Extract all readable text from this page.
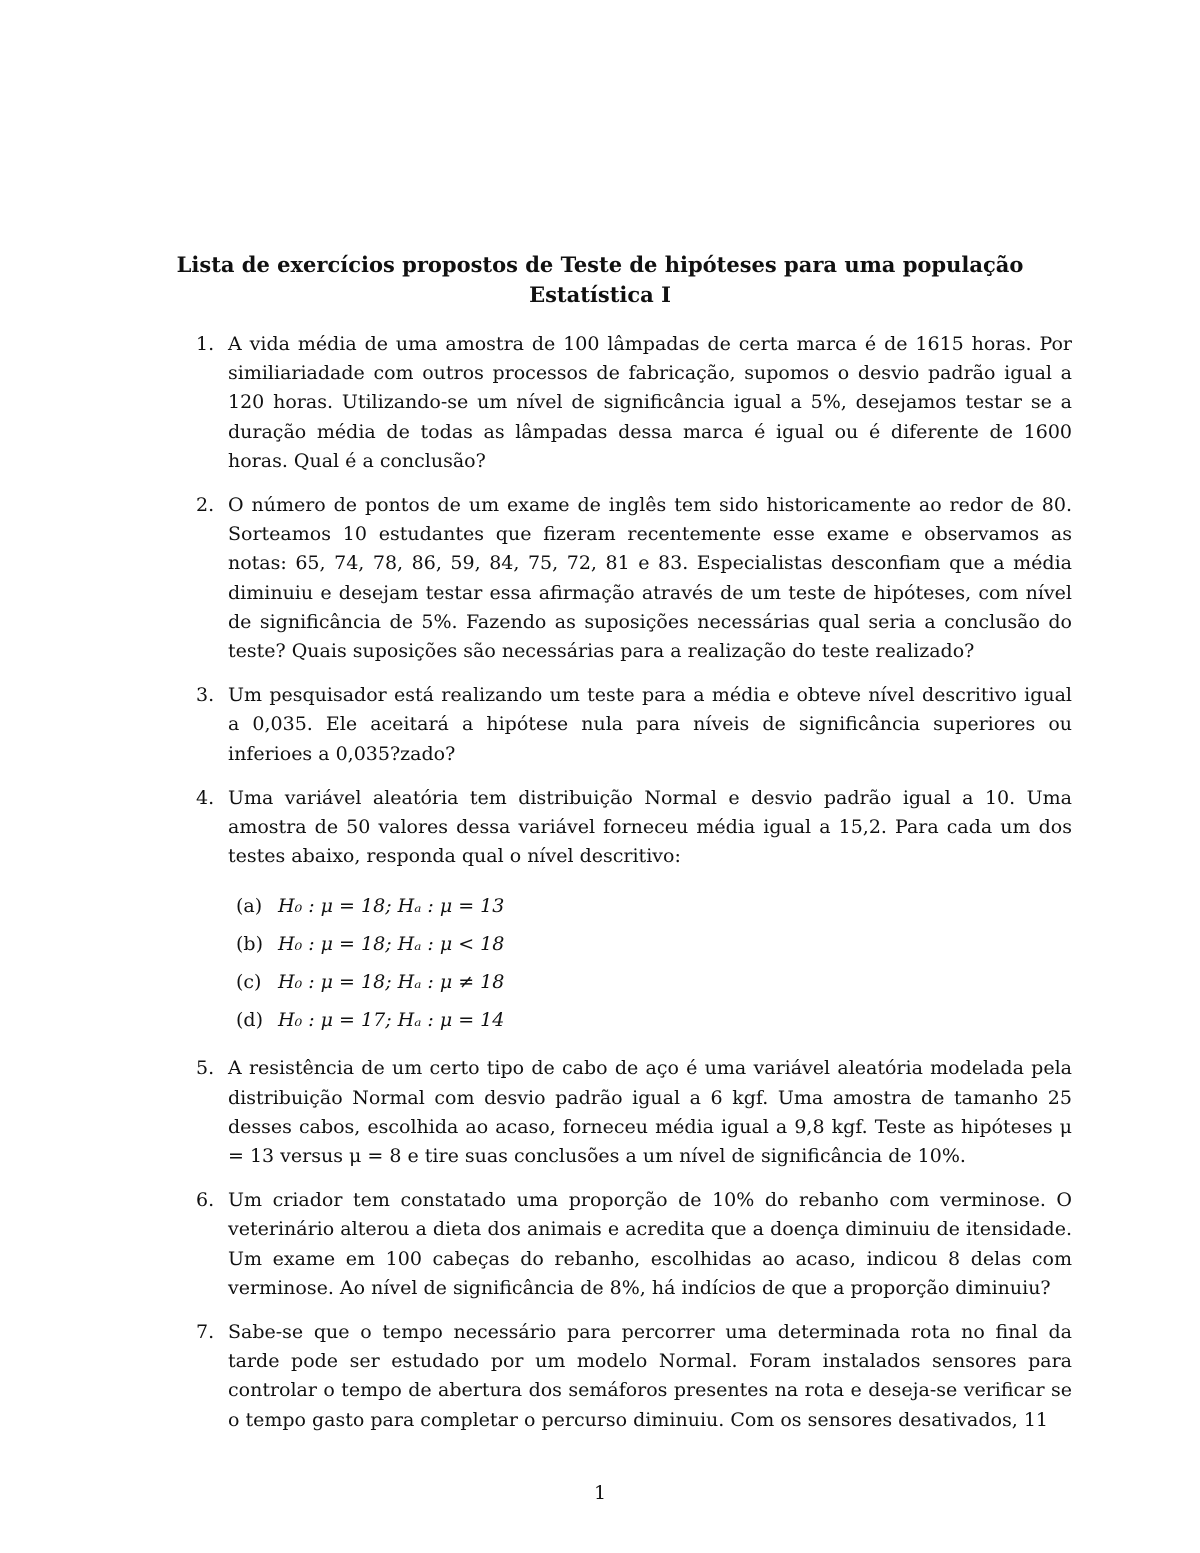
Lista de exercícios propostos de Teste de hipóteses para uma população
Estatística I
1. A vida média de uma amostra de 100 lâmpadas de certa marca é de 1615 horas. Por similiariadade com outros processos de fabricação, supomos o desvio padrão igual a 120 horas. Utilizando-se um nível de significância igual a 5%, desejamos testar se a duração média de todas as lâmpadas dessa marca é igual ou é diferente de 1600 horas. Qual é a conclusão?
2. O número de pontos de um exame de inglês tem sido historicamente ao redor de 80. Sorteamos 10 estudantes que fizeram recentemente esse exame e observamos as notas: 65, 74, 78, 86, 59, 84, 75, 72, 81 e 83. Especialistas desconfiam que a média diminuiu e desejam testar essa afirmação através de um teste de hipóteses, com nível de significância de 5%. Fazendo as suposições necessárias qual seria a conclusão do teste? Quais suposições são necessárias para a realização do teste realizado?
3. Um pesquisador está realizando um teste para a média e obteve nível descritivo igual a 0,035. Ele aceitará a hipótese nula para níveis de significância superiores ou inferioes a 0,035?zado?
4. Uma variável aleatória tem distribuição Normal e desvio padrão igual a 10. Uma amostra de 50 valores dessa variável forneceu média igual a 15,2. Para cada um dos testes abaixo, responda qual o nível descritivo:
(a) H₀ : μ = 18; Hₐ : μ = 13
(b) H₀ : μ = 18; Hₐ : μ < 18
(c) H₀ : μ = 18; Hₐ : μ ≠ 18
(d) H₀ : μ = 17; Hₐ : μ = 14
5. A resistência de um certo tipo de cabo de aço é uma variável aleatória modelada pela distribuição Normal com desvio padrão igual a 6 kgf. Uma amostra de tamanho 25 desses cabos, escolhida ao acaso, forneceu média igual a 9,8 kgf. Teste as hipóteses μ = 13 versus μ = 8 e tire suas conclusões a um nível de significância de 10%.
6. Um criador tem constatado uma proporção de 10% do rebanho com verminose. O veterinário alterou a dieta dos animais e acredita que a doença diminuiu de itensidade. Um exame em 100 cabeças do rebanho, escolhidas ao acaso, indicou 8 delas com verminose. Ao nível de significância de 8%, há indícios de que a proporção diminuiu?
7. Sabe-se que o tempo necessário para percorrer uma determinada rota no final da tarde pode ser estudado por um modelo Normal. Foram instalados sensores para controlar o tempo de abertura dos semáforos presentes na rota e deseja-se verificar se o tempo gasto para completar o percurso diminuiu. Com os sensores desativados, 11
1
